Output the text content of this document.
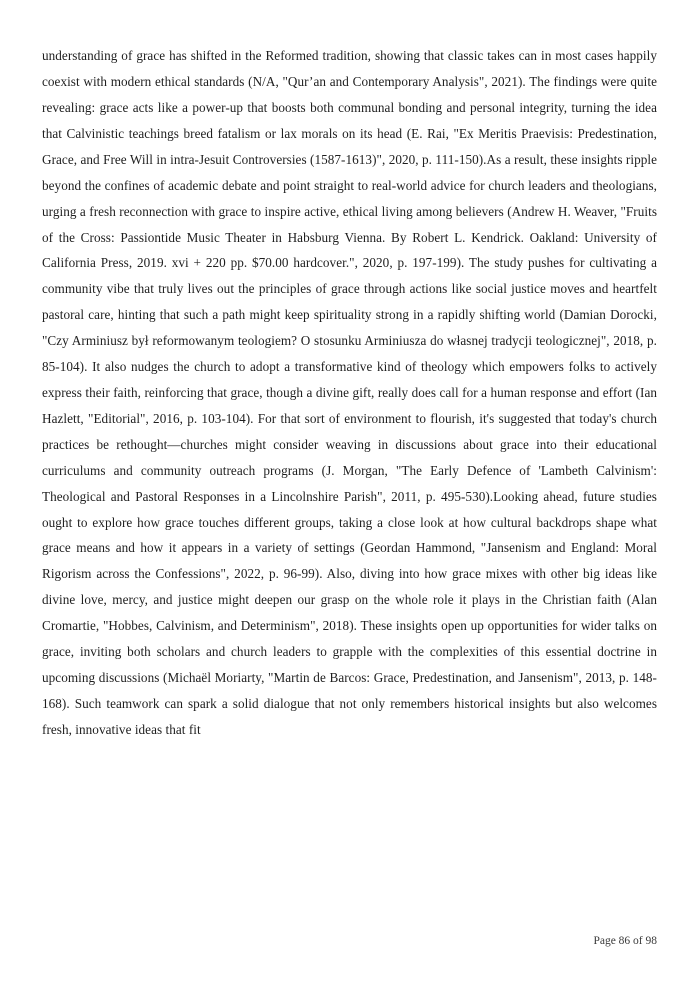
understanding of grace has shifted in the Reformed tradition, showing that classic takes can in most cases happily coexist with modern ethical standards (N/A, "Qur’an and Contemporary Analysis", 2021). The findings were quite revealing: grace acts like a power-up that boosts both communal bonding and personal integrity, turning the idea that Calvinistic teachings breed fatalism or lax morals on its head (E. Rai, "Ex Meritis Praevisis: Predestination, Grace, and Free Will in intra-Jesuit Controversies (1587-1613)", 2020, p. 111-150).As a result, these insights ripple beyond the confines of academic debate and point straight to real-world advice for church leaders and theologians, urging a fresh reconnection with grace to inspire active, ethical living among believers (Andrew H. Weaver, "Fruits of the Cross: Passiontide Music Theater in Habsburg Vienna. By Robert L. Kendrick. Oakland: University of California Press, 2019. xvi + 220 pp. $70.00 hardcover.", 2020, p. 197-199). The study pushes for cultivating a community vibe that truly lives out the principles of grace through actions like social justice moves and heartfelt pastoral care, hinting that such a path might keep spirituality strong in a rapidly shifting world (Damian Dorocki, "Czy Arminiusz był reformowanym teologiem? O stosunku Arminiusza do własnej tradycji teologicznej", 2018, p. 85-104). It also nudges the church to adopt a transformative kind of theology which empowers folks to actively express their faith, reinforcing that grace, though a divine gift, really does call for a human response and effort (Ian Hazlett, "Editorial", 2016, p. 103-104). For that sort of environment to flourish, it's suggested that today's church practices be rethought—churches might consider weaving in discussions about grace into their educational curriculums and community outreach programs (J. Morgan, "The Early Defence of 'Lambeth Calvinism': Theological and Pastoral Responses in a Lincolnshire Parish", 2011, p. 495-530).Looking ahead, future studies ought to explore how grace touches different groups, taking a close look at how cultural backdrops shape what grace means and how it appears in a variety of settings (Geordan Hammond, "Jansenism and England: Moral Rigorism across the Confessions", 2022, p. 96-99). Also, diving into how grace mixes with other big ideas like divine love, mercy, and justice might deepen our grasp on the whole role it plays in the Christian faith (Alan Cromartie, "Hobbes, Calvinism, and Determinism", 2018). These insights open up opportunities for wider talks on grace, inviting both scholars and church leaders to grapple with the complexities of this essential doctrine in upcoming discussions (Michaël Moriarty, "Martin de Barcos: Grace, Predestination, and Jansenism", 2013, p. 148-168). Such teamwork can spark a solid dialogue that not only remembers historical insights but also welcomes fresh, innovative ideas that fit

Page 86 of 98
